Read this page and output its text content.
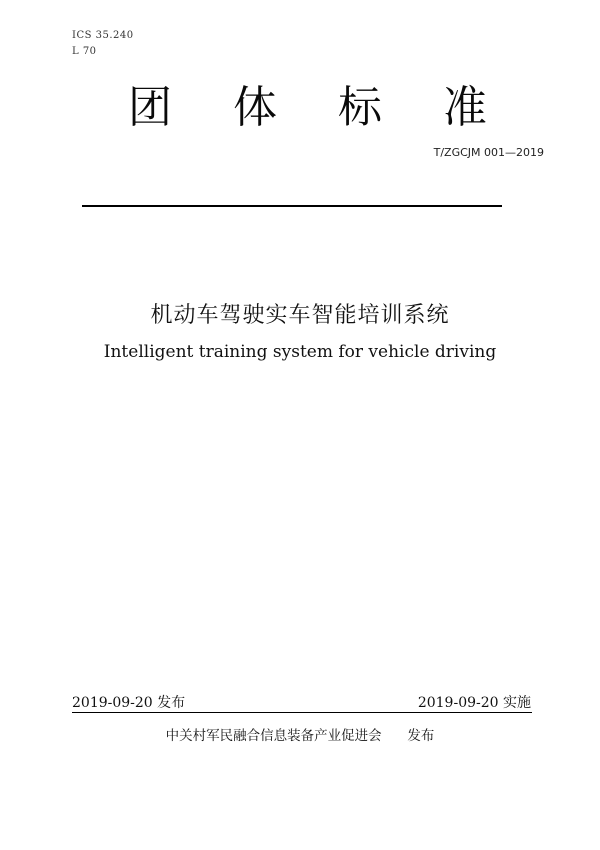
ICS 35.240
L 70
团 体 标 准
T/ZGCJM 001—2019
机动车驾驶实车智能培训系统
Intelligent training system for vehicle driving
2019-09-20 发布	2019-09-20 实施
中关村军民融合信息装备产业促进会 发布
